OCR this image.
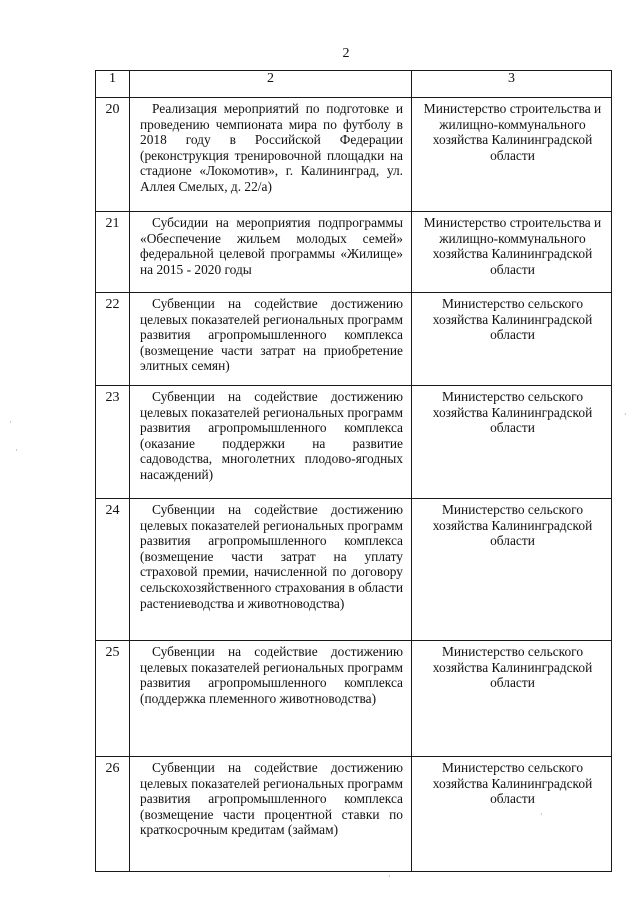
2
1	2	3
20	Реализация мероприятий по подготовке и проведению чемпионата мира по футболу в 2018 году в Российской Федерации (реконструкция тренировочной площадки на стадионе «Локомотив», г. Калининград, ул. Аллея Смелых, д. 22/а)	Министерство строительства и жилищно-коммунального хозяйства Калининградской области
21	Субсидии на мероприятия подпрограммы «Обеспечение жильем молодых семей» федеральной целевой программы «Жилище» на 2015 - 2020 годы	Министерство строительства и жилищно-коммунального хозяйства Калининградской области
22	Субвенции на содействие достижению целевых показателей региональных программ развития агропромышленного комплекса (возмещение части затрат на приобретение элитных семян)	Министерство сельского хозяйства Калининградской области
23	Субвенции на содействие достижению целевых показателей региональных программ развития агропромышленного комплекса (оказание поддержки на развитие садоводства, многолетних плодово-ягодных насаждений)	Министерство сельского хозяйства Калининградской области
24	Субвенции на содействие достижению целевых показателей региональных программ развития агропромышленного комплекса (возмещение части затрат на уплату страховой премии, начисленной по договору сельскохозяйственного страхования в области растениеводства и животноводства)	Министерство сельского хозяйства Калининградской области
25	Субвенции на содействие достижению целевых показателей региональных программ развития агропромышленного комплекса (поддержка племенного животноводства)	Министерство сельского хозяйства Калининградской области
26	Субвенции на содействие достижению целевых показателей региональных программ развития агропромышленного комплекса (возмещение части процентной ставки по краткосрочным кредитам (займам)	Министерство сельского хозяйства Калининградской области
·
·
·
·
·
